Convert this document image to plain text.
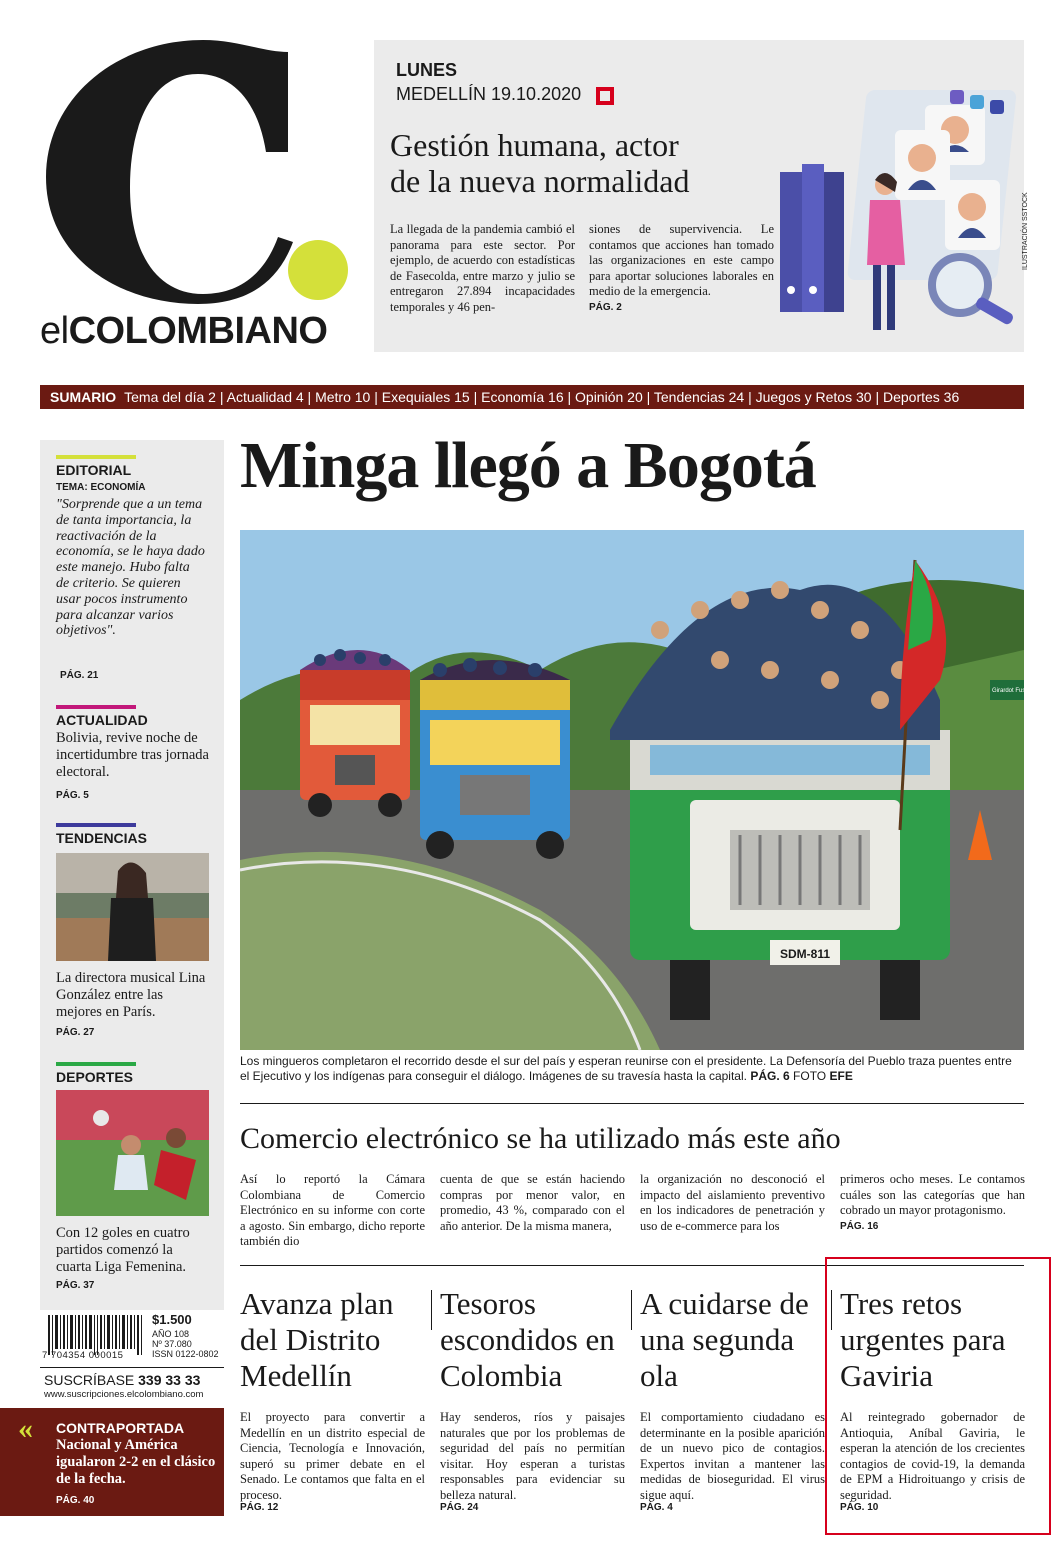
elCOLOMBIANO
LUNES
MEDELLÍN 19.10.2020
Gestión humana, actor
de la nueva normalidad
La llegada de la pandemia cambió el panorama para este sector. Por ejemplo, de acuerdo con estadísticas de Fasecolda, entre marzo y julio se entregaron 27.894 incapacidades temporales y 46 pen-
siones de supervivencia. Le contamos que acciones han tomado las organizaciones en este campo para aportar soluciones laborales en medio de la emergencia.
PÁG. 2
ILUSTRACIÓN SSTOCK
SUMARIO Tema del día 2 | Actualidad 4 | Metro 10 | Exequiales 15 | Economía 16 | Opinión 20 | Tendencias 24 | Juegos y Retos 30 | Deportes 36
EDITORIAL
TEMA: ECONOMÍA
"Sorprende que a un tema de tanta importancia, la reactivación de la economía, se le haya dado este manejo. Hubo falta de criterio. Se quieren usar pocos instrumento para alcanzar varios objetivos".
PÁG. 21
ACTUALIDAD
Bolivia, revive noche de incertidumbre tras jornada electoral.
PÁG. 5
TENDENCIAS
La directora musical Lina González entre las mejores en París.
PÁG. 27
DEPORTES
Con 12 goles en cuatro partidos comenzó la cuarta Liga Femenina.
PÁG. 37
7 704354 000015
$1.500
AÑO 108
Nº 37.080
ISSN 0122-0802
SUSCRÍBASE 339 33 33
www.suscripciones.elcolombiano.com
« CONTRAPORTADA
Nacional y América igualaron 2-2 en el clásico de la fecha.
PÁG. 40
Minga llegó a Bogotá
SDM-811
Girardot Fusa
Los mingueros completaron el recorrido desde el sur del país y esperan reunirse con el presidente. La Defensoría del Pueblo traza puentes entre el Ejecutivo y los indígenas para conseguir el diálogo. Imágenes de su travesía hasta la capital. PÁG. 6 FOTO EFE
Comercio electrónico se ha utilizado más este año
Así lo reportó la Cámara Colombiana de Comercio Electrónico en su informe con corte a agosto. Sin embargo, dicho reporte también dio
cuenta de que se están haciendo compras por menor valor, en promedio, 43 %, comparado con el año anterior. De la misma manera,
la organización no desconoció el impacto del aislamiento preventivo en los indicadores de penetración y uso de e-commerce para los
primeros ocho meses. Le contamos cuáles son las categorías que han cobrado un mayor protagonismo.
PÁG. 16
Avanza plan del Distrito Medellín
El proyecto para convertir a Medellín en un distrito especial de Ciencia, Tecnología e Innovación, superó su primer debate en el Senado. Le contamos que falta en el proceso.
PÁG. 12
Tesoros escondidos en Colombia
Hay senderos, ríos y paisajes naturales que por los problemas de seguridad del país no permitían visitar. Hoy esperan a turistas responsables para evidenciar su belleza natural.
PÁG. 24
A cuidarse de una segunda ola
El comportamiento ciudadano es determinante en la posible aparición de un nuevo pico de contagios. Expertos invitan a mantener las medidas de bioseguridad. El virus sigue aquí.
PÁG. 4
Tres retos urgentes para Gaviria
Al reintegrado gobernador de Antioquia, Aníbal Gaviria, le esperan la atención de los crecientes contagios de covid-19, la demanda de EPM a Hidroituango y crisis de seguridad.
PÁG. 10
